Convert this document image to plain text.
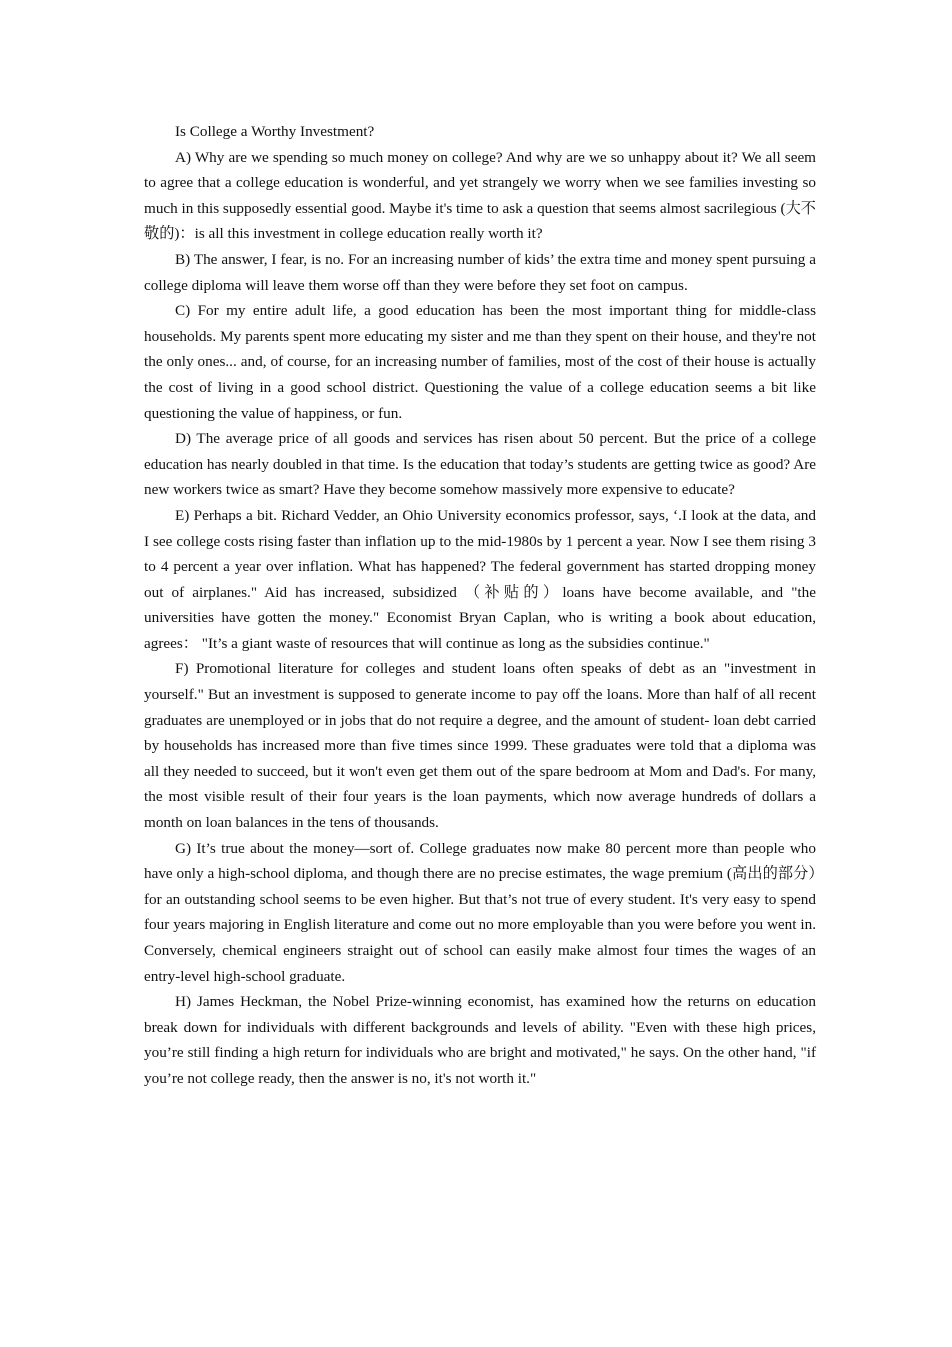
Is College a Worthy Investment?

A) Why are we spending so much money on college? And why are we so unhappy about it? We all seem to agree that a college education is wonderful, and yet strangely we worry when we see families investing so much in this supposedly essential good. Maybe it's time to ask a question that seems almost sacrilegious (大不敬的)：is all this investment in college education really worth it?

B) The answer, I fear, is no. For an increasing number of kids’ the extra time and money spent pursuing a college diploma will leave them worse off than they were before they set foot on campus.

C) For my entire adult life, a good education has been the most important thing for middle-class households. My parents spent more educating my sister and me than they spent on their house, and they're not the only ones... and, of course, for an increasing number of families, most of the cost of their house is actually the cost of living in a good school district. Questioning the value of a college education seems a bit like questioning the value of happiness, or fun.

D) The average price of all goods and services has risen about 50 percent. But the price of a college education has nearly doubled in that time. Is the education that today’s students are getting twice as good? Are new workers twice as smart? Have they become somehow massively more expensive to educate?

E) Perhaps a bit. Richard Vedder, an Ohio University economics professor, says, ‘.I look at the data, and I see college costs rising faster than inflation up to the mid-1980s by 1 percent a year. Now I see them rising 3 to 4 percent a year over inflation. What has happened? The federal government has started dropping money out of airplanes." Aid has increased, subsidized （补贴的）loans have become available, and "the universities have gotten the money." Economist Bryan Caplan, who is writing a book about education, agrees： "It’s a giant waste of resources that will continue as long as the subsidies continue."

F) Promotional literature for colleges and student loans often speaks of debt as an "investment in yourself." But an investment is supposed to generate income to pay off the loans. More than half of all recent graduates are unemployed or in jobs that do not require a degree, and the amount of student- loan debt carried by households has increased more than five times since 1999. These graduates were told that a diploma was all they needed to succeed, but it won't even get them out of the spare bedroom at Mom and Dad's. For many, the most visible result of their four years is the loan payments, which now average hundreds of dollars a month on loan balances in the tens of thousands.

G) It’s true about the money—sort of. College graduates now make 80 percent more than people who have only a high-school diploma, and though there are no precise estimates, the wage premium (高出的部分）for an outstanding school seems to be even higher. But that’s not true of every student. It's very easy to spend four years majoring in English literature and come out no more employable than you were before you went in. Conversely, chemical engineers straight out of school can easily make almost four times the wages of an entry-level high-school graduate.

H) James Heckman, the Nobel Prize-winning economist, has examined how the returns on education break down for individuals with different backgrounds and levels of ability. "Even with these high prices, you’re still finding a high return for individuals who are bright and motivated," he says. On the other hand, "if you’re not college ready, then the answer is no, it's not worth it."
